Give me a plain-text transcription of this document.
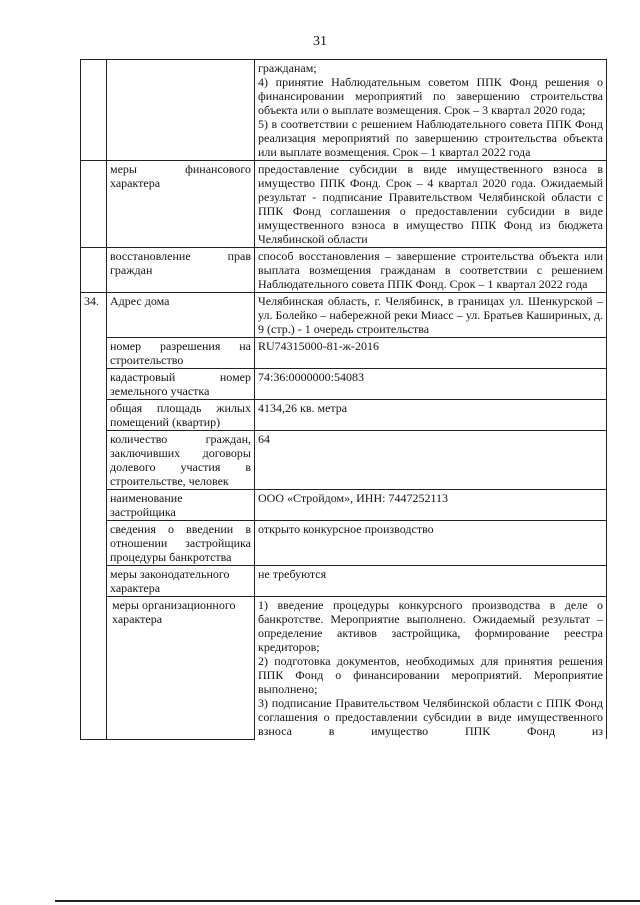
31

		гражданам;
4) принятие Наблюдательным советом ППК Фонд решения о финансировании мероприятий по завершению строительства объекта или о выплате возмещения. Срок – 3 квартал 2020 года;
5) в соответствии с решением Наблюдательного совета ППК Фонд реализация мероприятий по завершению строительства объекта или выплате возмещения. Срок – 1 квартал 2022 года

	меры финансового характера	предоставление субсидии в виде имущественного взноса в имущество ППК Фонд. Срок – 4 квартал 2020 года. Ожидаемый результат - подписание Правительством Челябинской области с ППК Фонд соглашения о предоставлении субсидии в виде имущественного взноса в имущество ППК Фонд из бюджета Челябинской области
	восстановление прав граждан	способ восстановления – завершение строительства объекта или выплата возмещения гражданам в соответствии с решением Наблюдательного совета ППК Фонд. Срок – 1 квартал 2022 года
34.	Адрес дома	Челябинская область, г. Челябинск, в границах ул. Шенкурской – ул. Болейко – набережной реки Миасс – ул. Братьев Кашириных, д. 9 (стр.) - 1 очередь строительства
	номер разрешения на строительство	RU74315000-81-ж-2016
	кадастровый номер земельного участка	74:36:0000000:54083
	общая площадь жилых помещений (квартир)	4134,26 кв. метра
	количество граждан, заключивших договоры долевого участия в строительстве, человек	64
	наименование застройщика	ООО «Стройдом», ИНН: 7447252113
	сведения о введении в отношении застройщика процедуры банкротства	открыто конкурсное производство
	меры законодательного характера	не требуются
	меры организационного характера	1) введение процедуры конкурсного производства в деле о банкротстве. Мероприятие выполнено. Ожидаемый результат – определение активов застройщика, формирование реестра кредиторов;
2) подготовка документов, необходимых для принятия решения ППК Фонд о финансировании мероприятий. Мероприятие выполнено;
3) подписание Правительством Челябинской области с ППК Фонд соглашения о предоставлении субсидии в виде имущественного взноса в имущество ППК Фонд из
